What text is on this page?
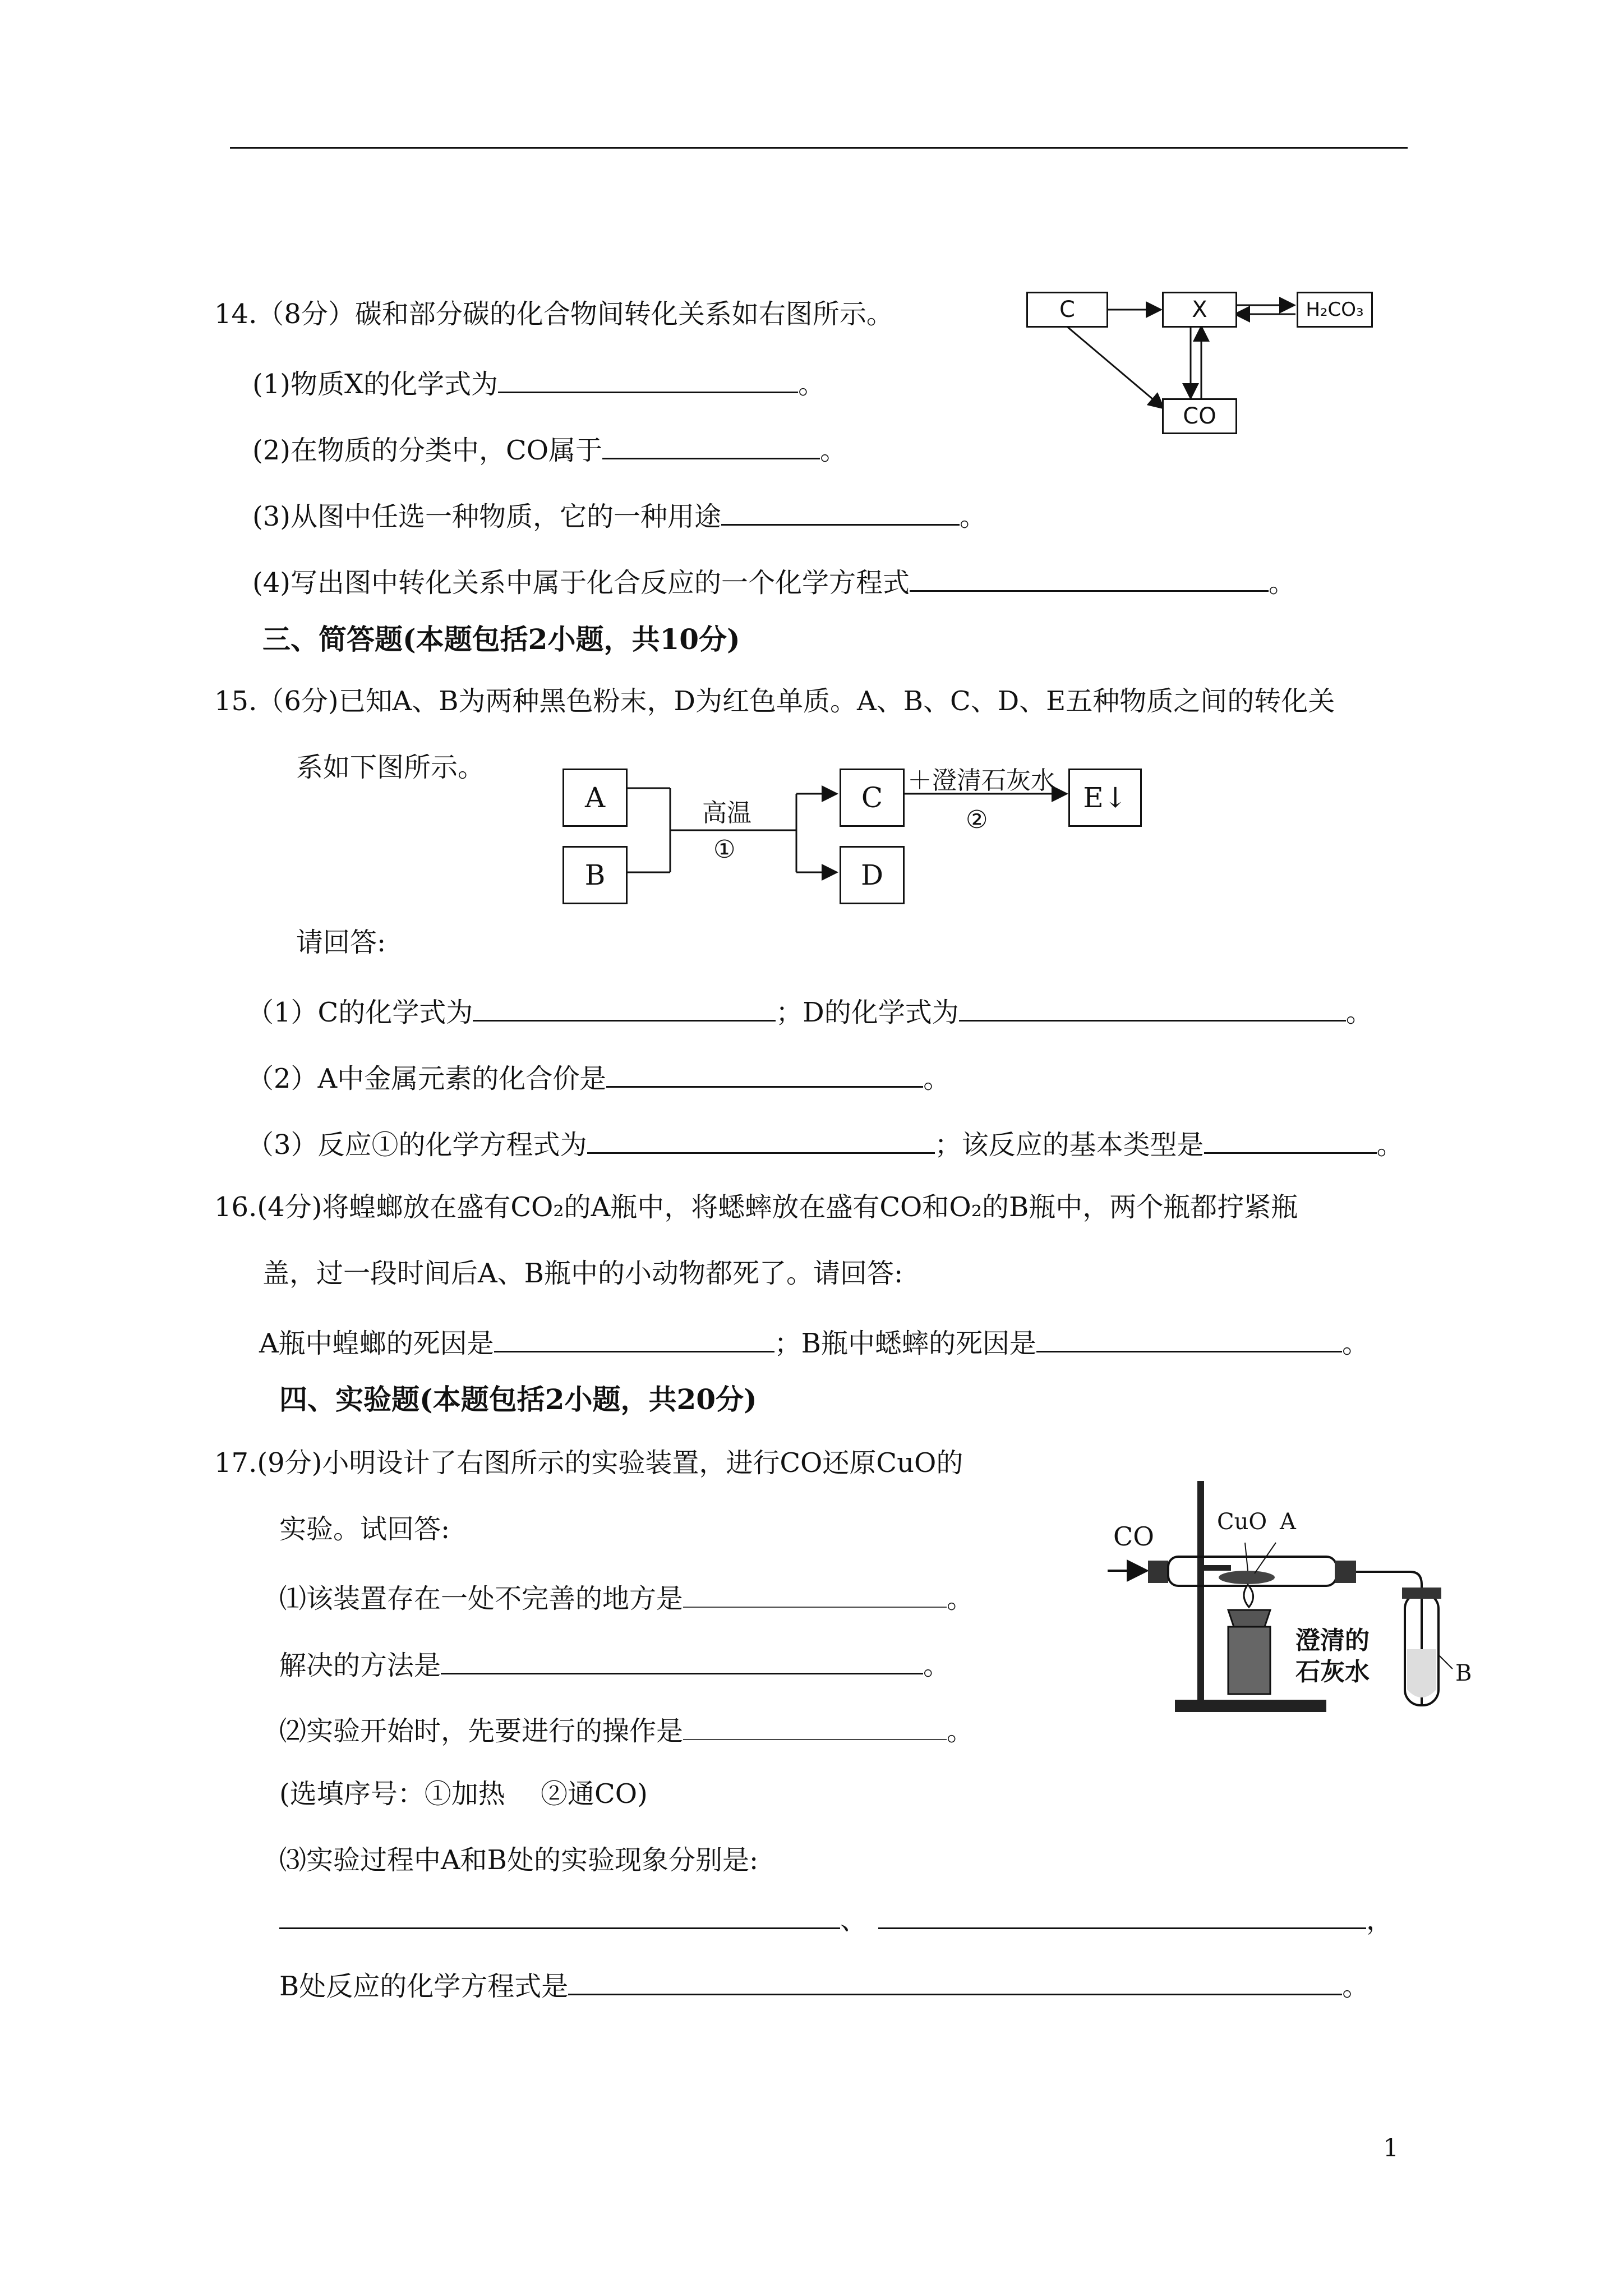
14.（8分）碳和部分碳的化合物间转化关系如右图所示。
(1)物质X的化学式为	。
(2)在物质的分类中，CO属于	。
(3)从图中任选一种物质，它的一种用途	。
(4)写出图中转化关系中属于化合反应的一个化学方程式	。
C	X	H₂CO₃
CO
三、简答题(本题包括2小题，共10分)
15.（6分)已知A、B为两种黑色粉末，D为红色单质。A、B、C、D、E五种物质之间的转化关
系如下图所示。
A
B
C
D
E↓
高温
①
＋澄清石灰水
②
请回答:
（1）C的化学式为	；D的化学式为	。
（2）A中金属元素的化合价是	。
（3）反应①的化学方程式为	；该反应的基本类型是	。
16.(4分)将蝗螂放在盛有CO₂的A瓶中，将蟋蟀放在盛有CO和O₂的B瓶中，两个瓶都拧紧瓶
盖，过一段时间后A、B瓶中的小动物都死了。请回答:
A瓶中蝗螂的死因是	；B瓶中蟋蟀的死因是	。
四、实验题(本题包括2小题，共20分)
17.(9分)小明设计了右图所示的实验装置，进行CO还原CuO的
实验。试回答:
⑴该装置存在一处不完善的地方是	。
解决的方法是	。
⑵实验开始时，先要进行的操作是	。
(选填序号：①加热　 ②通CO)
⑶实验过程中A和B处的实验现象分别是:
、	，
B处反应的化学方程式是	。
CO	CuO A
澄清的
石灰水	B
1
